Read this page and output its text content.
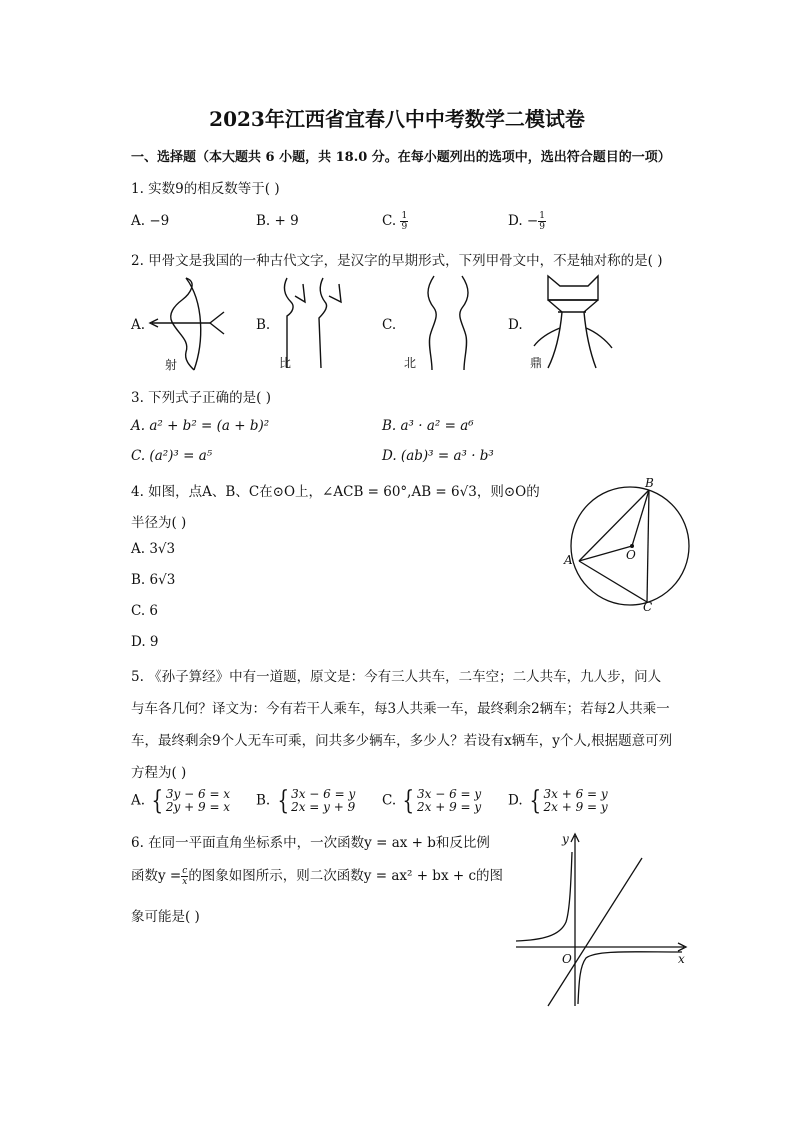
2023年江西省宜春八中中考数学二模试卷
一、选择题（本大题共 6 小题，共 18.0 分。在每小题列出的选项中，选出符合题目的一项）
1. 实数9的相反数等于( )
A. −9	B. + 9	C. $\frac{1}{9}$	D. − $\frac{1}{9}$
2. 甲骨文是我国的一种古代文字，是汉字的早期形式，下列甲骨文中，不是轴对称的是( )
A.	B.	C.	D.
射	比	北	鼎
3. 下列式子正确的是( )
A. a² + b² = (a + b)²	B. a³ · a² = a⁶
C. (a²)³ = a⁵	D. (ab)³ = a³ · b³
4. 如图，点A、B、C在⊙O上，∠ACB = 60°,AB = 6√3，则⊙O的
半径为( )
A. 3√3
B. 6√3
C. 6
D. 9
B
A
C
O
5. 《孙子算经》中有一道题，原文是：今有三人共车，二车空；二人共车，九人步，问人
与车各几何？译文为：今有若干人乘车，每3人共乘一车，最终剩余2辆车；若每2人共乘一
车，最终剩余9个人无车可乘，问共多少辆车，多少人？若设有x辆车，y个人,根据题意可列
方程为( )
A. { 3y − 6 = x
2y + 9 = x B. { 3x − 6 = y
2x = y + 9 C. { 3x − 6 = y
2x + 9 = y D. { 3x + 6 = y
2x + 9 = y
6. 在同一平面直角坐标系中，一次函数y = ax + b和反比例
函数$y = \frac{c}{x}$ 的图象如图所示，则二次函数y = ax² + bx + c的图
象可能是( )
y
x
O
